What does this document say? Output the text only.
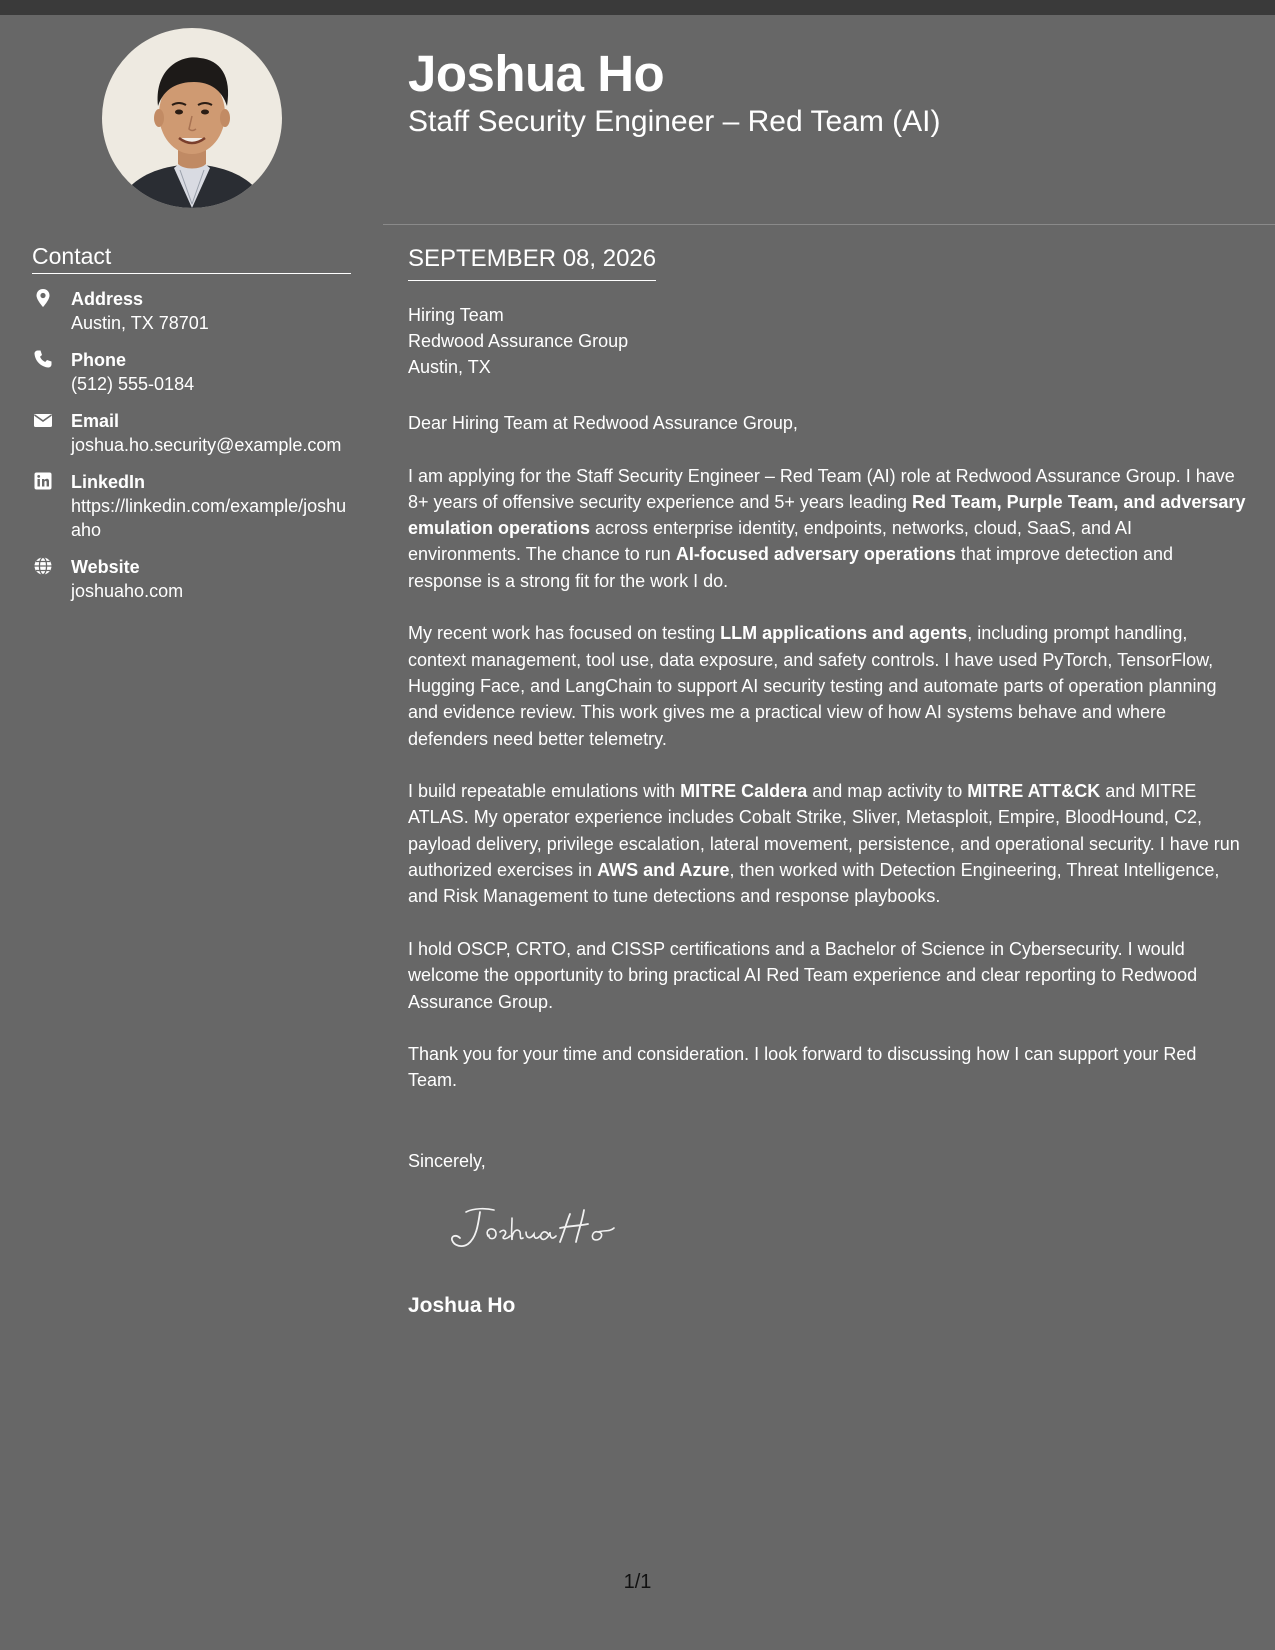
Contact
Address
Austin, TX 78701
Phone
(512) 555-0184
Email
joshua.ho.security@example.com
LinkedIn
https://linkedin.com/example/joshuaho
Website
joshuaho.com
Joshua Ho
Staff Security Engineer – Red Team (AI)
SEPTEMBER 08, 2026
Hiring Team
Redwood Assurance Group
Austin, TX

Dear Hiring Team at Redwood Assurance Group,

I am applying for the Staff Security Engineer – Red Team (AI) role at Redwood Assurance Group. I have 8+ years of offensive security experience and 5+ years leading Red Team, Purple Team, and adversary emulation operations across enterprise identity, endpoints, networks, cloud, SaaS, and AI environments. The chance to run AI-focused adversary operations that improve detection and response is a strong fit for the work I do.

My recent work has focused on testing LLM applications and agents, including prompt handling, context management, tool use, data exposure, and safety controls. I have used PyTorch, TensorFlow, Hugging Face, and LangChain to support AI security testing and automate parts of operation planning and evidence review. This work gives me a practical view of how AI systems behave and where defenders need better telemetry.

I build repeatable emulations with MITRE Caldera and map activity to MITRE ATT&CK and MITRE ATLAS. My operator experience includes Cobalt Strike, Sliver, Metasploit, Empire, BloodHound, C2, payload delivery, privilege escalation, lateral movement, persistence, and operational security. I have run authorized exercises in AWS and Azure, then worked with Detection Engineering, Threat Intelligence, and Risk Management to tune detections and response playbooks.

I hold OSCP, CRTO, and CISSP certifications and a Bachelor of Science in Cybersecurity. I would welcome the opportunity to bring practical AI Red Team experience and clear reporting to Redwood Assurance Group.

Thank you for your time and consideration. I look forward to discussing how I can support your Red Team.

Sincerely,
Joshua Ho
1/1
